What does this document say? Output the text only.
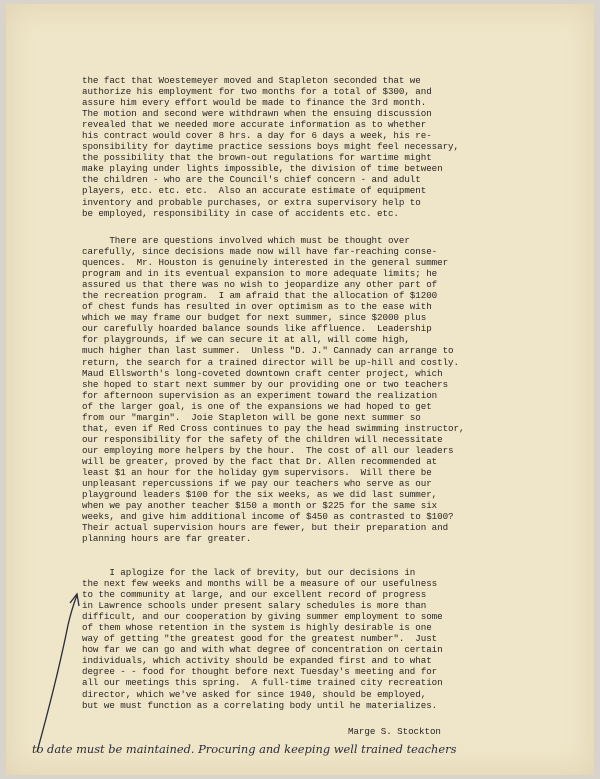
the fact that Woestemeyer moved and Stapleton seconded that we
authorize his employment for two months for a total of $300, and
assure him every effort would be made to finance the 3rd month.
The motion and second were withdrawn when the ensuing discussion
revealed that we needed more accurate information as to whether
his contract would cover 8 hrs. a day for 6 days a week, his re-
sponsibility for daytime practice sessions boys might feel necessary,
the possibility that the brown-out regulations for wartime might
make playing under lights impossible, the division of time between
the children - who are the Council's chief concern - and adult
players, etc. etc. etc.  Also an accurate estimate of equipment
inventory and probable purchases, or extra supervisory help to
be employed, responsibility in case of accidents etc. etc.
There are questions involved which must be thought over
carefully, since decisions made now will have far-reaching conse-
quences.  Mr. Houston is genuinely interested in the general summer
program and in its eventual expansion to more adequate limits; he
assured us that there was no wish to jeopardize any other part of
the recreation program.  I am afraid that the allocation of $1200
of chest funds has resulted in over optimism as to the ease with
which we may frame our budget for next summer, since $2000 plus
our carefully hoarded balance sounds like affluence.  Leadership
for playgrounds, if we can secure it at all, will come high,
much higher than last summer.  Unless "D. J." Cannady can arrange to
return, the search for a trained director will be up-hill and costly.
Maud Ellsworth's long-coveted downtown craft center project, which
she hoped to start next summer by our providing one or two teachers
for afternoon supervision as an experiment toward the realization
of the larger goal, is one of the expansions we had hoped to get
from our "margin".  Joie Stapleton will be gone next summer so
that, even if Red Cross continues to pay the head swimming instructor,
our responsibility for the safety of the children will necessitate
our employing more helpers by the hour.  The cost of all our leaders
will be greater, proved by the fact that Dr. Allen recommended at
least $1 an hour for the holiday gym supervisors.  Will there be
unpleasant repercussions if we pay our teachers who serve as our
playground leaders $100 for the six weeks, as we did last summer,
when we pay another teacher $150 a month or $225 for the same six
weeks, and give him additional income of $450 as contrasted to $100?
Their actual supervision hours are fewer, but their preparation and
planning hours are far greater.
I aplogize for the lack of brevity, but our decisions in
the next few weeks and months will be a measure of our usefulness
to the community at large, and our excellent record of progress
in Lawrence schools under present salary schedules is more than
difficult, and our cooperation by giving summer employment to some
of them whose retention in the system is highly desirable is one
way of getting "the greatest good for the greatest number".  Just
how far we can go and with what degree of concentration on certain
individuals, which activity should be expanded first and to what
degree - - food for thought before next Tuesday's meeting and for
all our meetings this spring.  A full-time trained city recreation
director, which we've asked for since 1940, should be employed,
but we must function as a correlating body until he materializes.
Marge S. Stockton
to date must be maintained. Procuring and keeping well trained teachers
